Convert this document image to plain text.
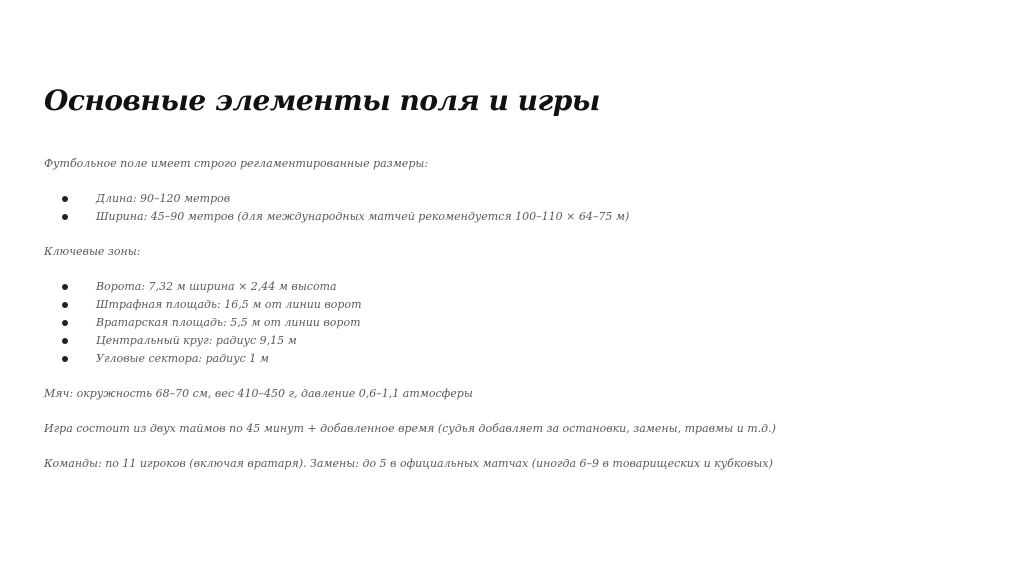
Основные элементы поля и игры

Футбольное поле имеет строго регламентированные размеры:

Длина: 90–120 метров
Ширина: 45–90 метров (для международных матчей рекомендуется 100–110 × 64–75 м)

Ключевые зоны:

Ворота: 7,32 м ширина × 2,44 м высота
Штрафная площадь: 16,5 м от линии ворот
Вратарская площадь: 5,5 м от линии ворот
Центральный круг: радиус 9,15 м
Угловые сектора: радиус 1 м

Мяч: окружность 68–70 см, вес 410–450 г, давление 0,6–1,1 атмосферы

Игра состоит из двух таймов по 45 минут + добавленное время (судья добавляет за остановки, замены, травмы и т.д.)

Команды: по 11 игроков (включая вратаря). Замены: до 5 в официальных матчах (иногда 6–9 в товарищеских и кубковых)
